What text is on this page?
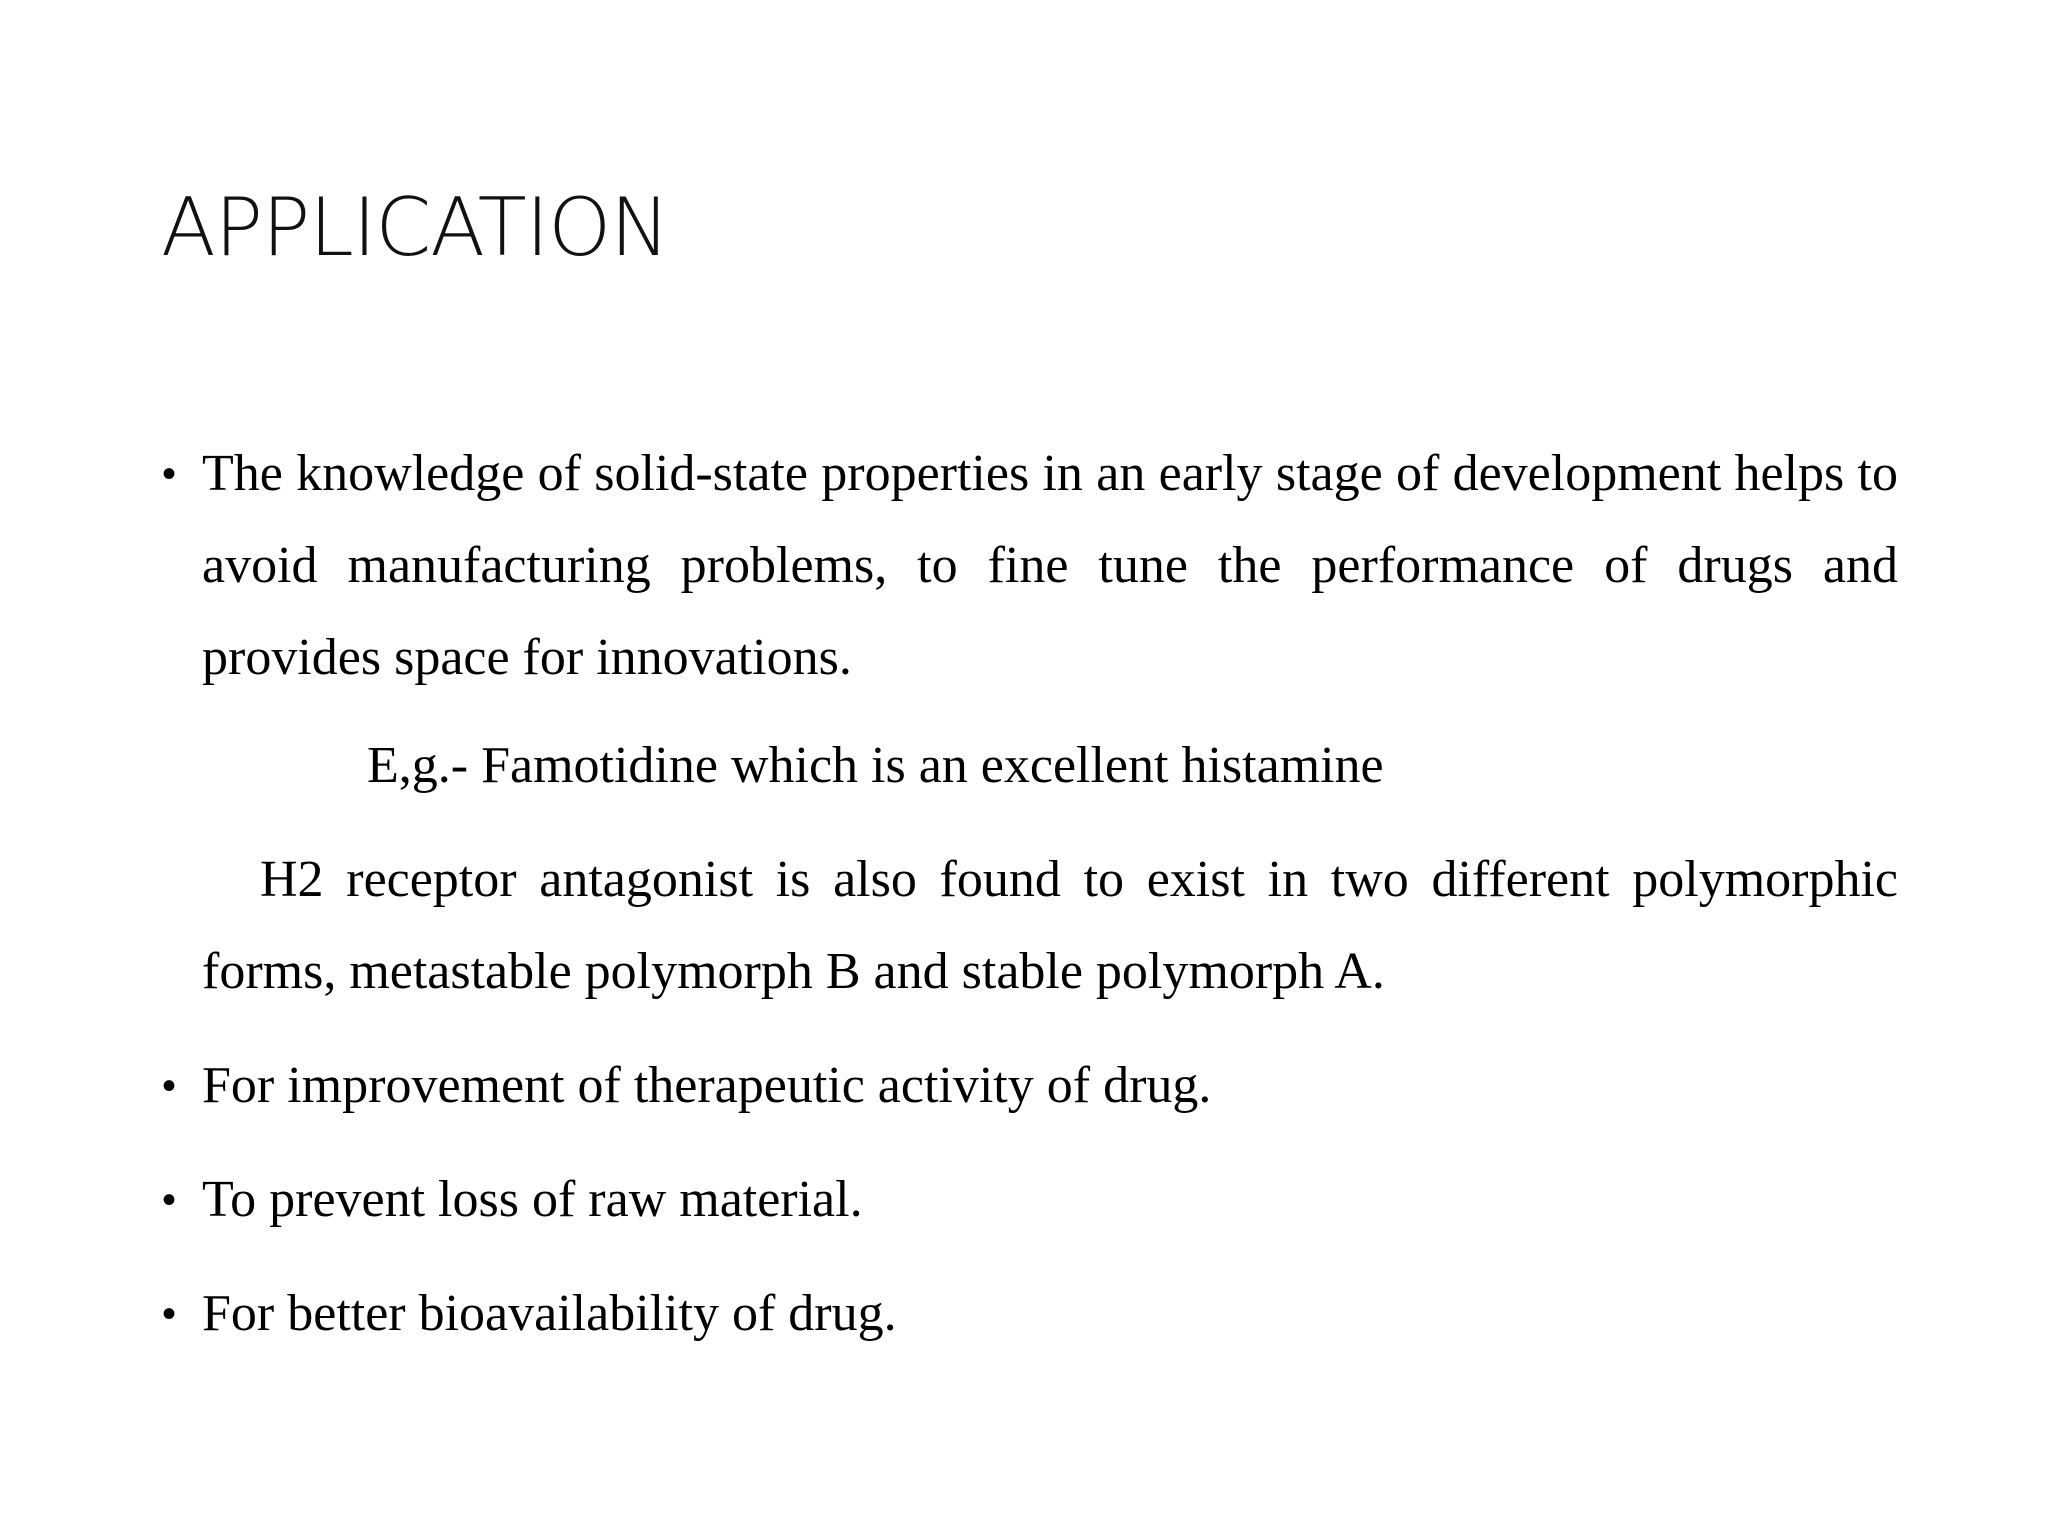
APPLICATION
• The knowledge of solid-state properties in an early stage of development helps to avoid manufacturing problems, to fine tune the performance of drugs and provides space for innovations.
E,g.- Famotidine which is an excellent histamine
H2 receptor antagonist is also found to exist in two different polymorphic forms, metastable polymorph B and stable polymorph A.
• For improvement of therapeutic activity of drug.
• To prevent loss of raw material.
• For better bioavailability of drug.
